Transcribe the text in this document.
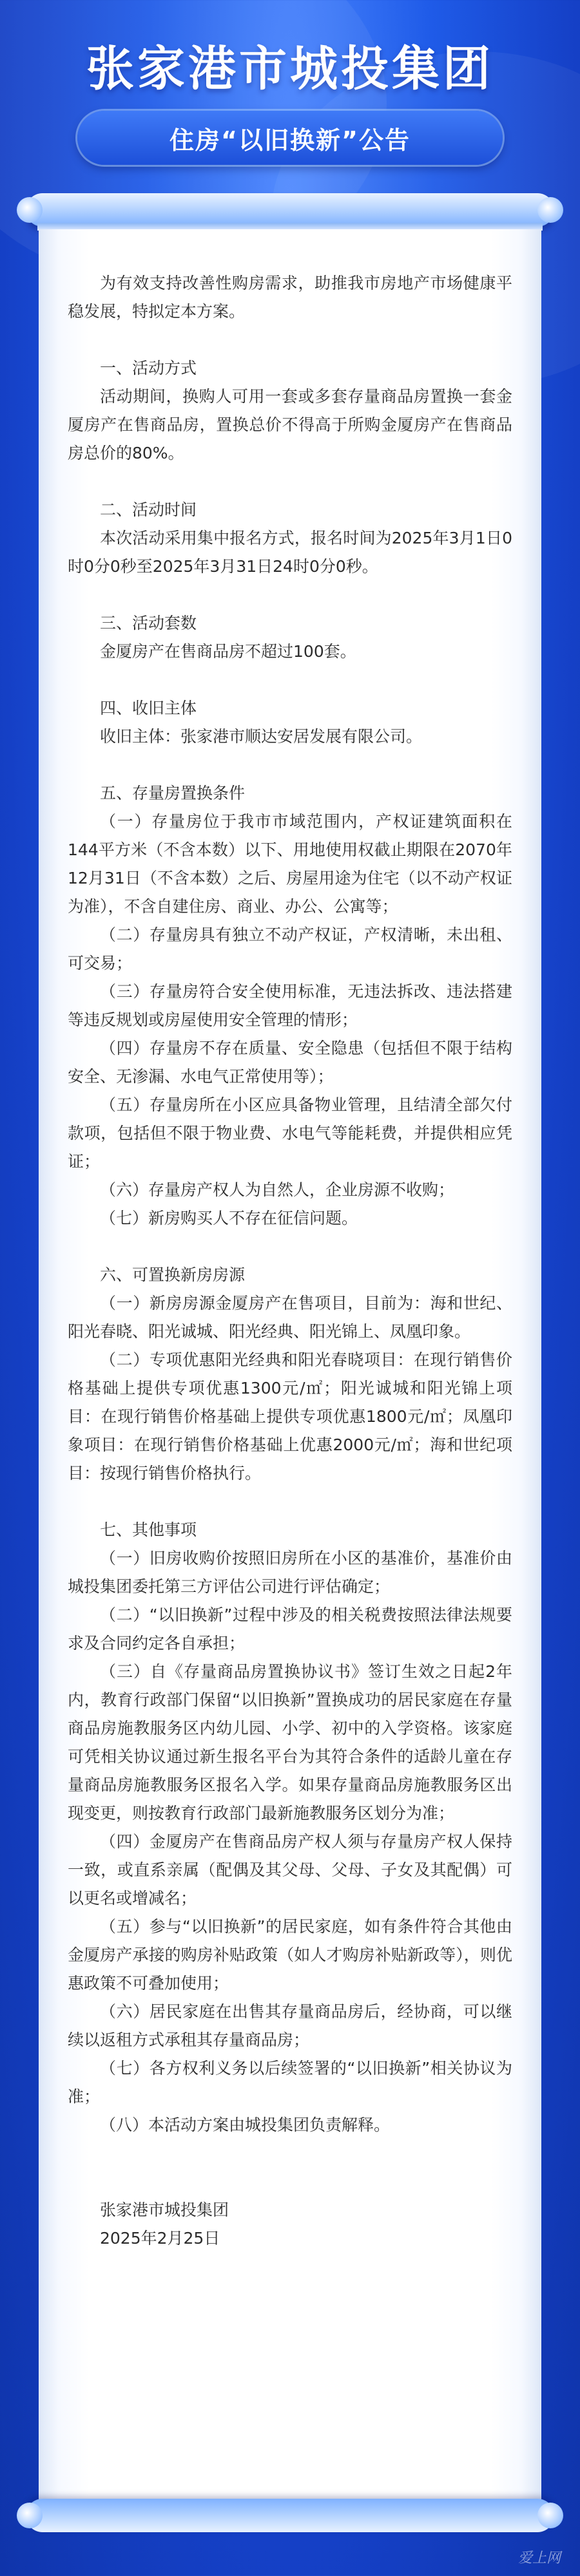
张家港市城投集团
住房“以旧换新”公告

为有效支持改善性购房需求，助推我市房地产市场健康平稳发展，特拟定本方案。

一、活动方式

活动期间，换购人可用一套或多套存量商品房置换一套金厦房产在售商品房，置换总价不得高于所购金厦房产在售商品房总价的80%。

二、活动时间

本次活动采用集中报名方式，报名时间为2025年3月1日0时0分0秒至2025年3月31日24时0分0秒。

三、活动套数

金厦房产在售商品房不超过100套。

四、收旧主体

收旧主体：张家港市顺达安居发展有限公司。

五、存量房置换条件

（一）存量房位于我市市域范围内，产权证建筑面积在144平方米（不含本数）以下、用地使用权截止期限在2070年12月31日（不含本数）之后、房屋用途为住宅（以不动产权证为准），不含自建住房、商业、办公、公寓等；

（二）存量房具有独立不动产权证，产权清晰，未出租、可交易；

（三）存量房符合安全使用标准，无违法拆改、违法搭建等违反规划或房屋使用安全管理的情形；

（四）存量房不存在质量、安全隐患（包括但不限于结构安全、无渗漏、水电气正常使用等）；

（五）存量房所在小区应具备物业管理，且结清全部欠付款项，包括但不限于物业费、水电气等能耗费，并提供相应凭证；

（六）存量房产权人为自然人，企业房源不收购；

（七）新房购买人不存在征信问题。

六、可置换新房房源

（一）新房房源金厦房产在售项目，目前为：海和世纪、阳光春晓、阳光诚城、阳光经典、阳光锦上、凤凰印象。

（二）专项优惠阳光经典和阳光春晓项目：在现行销售价格基础上提供专项优惠1300元/㎡；阳光诚城和阳光锦上项目：在现行销售价格基础上提供专项优惠1800元/㎡；凤凰印象项目：在现行销售价格基础上优惠2000元/㎡；海和世纪项目：按现行销售价格执行。

七、其他事项

（一）旧房收购价按照旧房所在小区的基准价，基准价由城投集团委托第三方评估公司进行评估确定；

（二）“以旧换新”过程中涉及的相关税费按照法律法规要求及合同约定各自承担；

（三）自《存量商品房置换协议书》签订生效之日起2年内，教育行政部门保留“以旧换新”置换成功的居民家庭在存量商品房施教服务区内幼儿园、小学、初中的入学资格。该家庭可凭相关协议通过新生报名平台为其符合条件的适龄儿童在存量商品房施教服务区报名入学。如果存量商品房施教服务区出现变更，则按教育行政部门最新施教服务区划分为准；

（四）金厦房产在售商品房产权人须与存量房产权人保持一致，或直系亲属（配偶及其父母、父母、子女及其配偶）可以更名或增减名；

（五）参与“以旧换新”的居民家庭，如有条件符合其他由金厦房产承接的购房补贴政策（如人才购房补贴新政等），则优惠政策不可叠加使用；

（六）居民家庭在出售其存量商品房后，经协商，可以继续以返租方式承租其存量商品房；

（七）各方权利义务以后续签署的“以旧换新”相关协议为准；

（八）本活动方案由城投集团负责解释。

张家港市城投集团

2025年2月25日

爱上网
